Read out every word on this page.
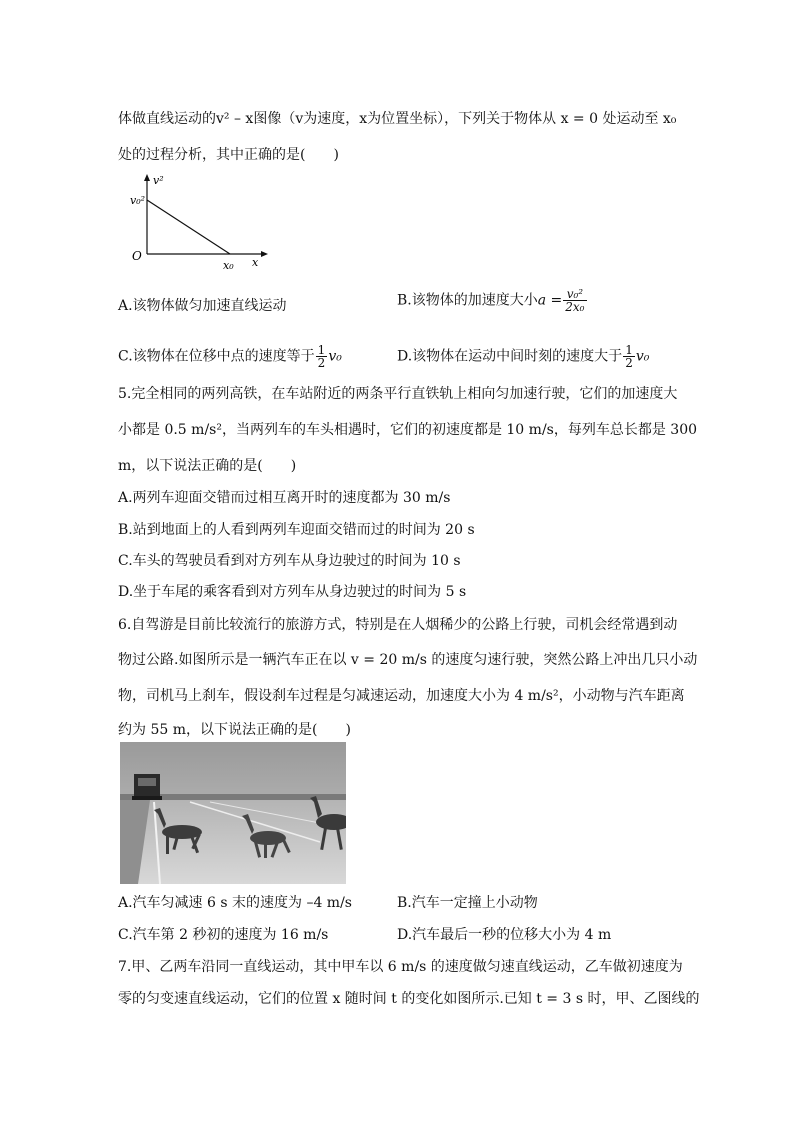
体做直线运动的v² – x图像（v为速度，x为位置坐标），下列关于物体从 x = 0 处运动至 x₀
处的过程分析，其中正确的是(　　)
v²
v₀²
O
x₀ x
A.该物体做匀加速直线运动	B.该物体的加速度大小$a = \frac{\text{v₀²}}{\text{2x₀}}$
C.该物体在位移中点的速度等于 $\frac{1}{2} v_0$	D.该物体在运动中间时刻的速度大于 $\frac{1}{2} v_0$
5.完全相同的两列高铁，在车站附近的两条平行直铁轨上相向匀加速行驶，它们的加速度大
小都是 0.5 m/s²，当两列车的车头相遇时，它们的初速度都是 10 m/s，每列车总长都是 300
m，以下说法正确的是(　　)
A.两列车迎面交错而过相互离开时的速度都为 30 m/s
B.站到地面上的人看到两列车迎面交错而过的时间为 20 s
C.车头的驾驶员看到对方列车从身边驶过的时间为 10 s
D.坐于车尾的乘客看到对方列车从身边驶过的时间为 5 s
6.自驾游是目前比较流行的旅游方式，特别是在人烟稀少的公路上行驶，司机会经常遇到动
物过公路.如图所示是一辆汽车正在以 v = 20 m/s 的速度匀速行驶，突然公路上冲出几只小动
物，司机马上刹车，假设刹车过程是匀减速运动，加速度大小为 4 m/s²，小动物与汽车距离
约为 55 m，以下说法正确的是(　　)
A.汽车匀减速 6 s 末的速度为 –4 m/s	B.汽车一定撞上小动物
C.汽车第 2 秒初的速度为 16 m/s	D.汽车最后一秒的位移大小为 4 m
7.甲、乙两车沿同一直线运动，其中甲车以 6 m/s 的速度做匀速直线运动，乙车做初速度为
零的匀变速直线运动，它们的位置 x 随时间 t 的变化如图所示.已知 t = 3 s 时，甲、乙图线的
